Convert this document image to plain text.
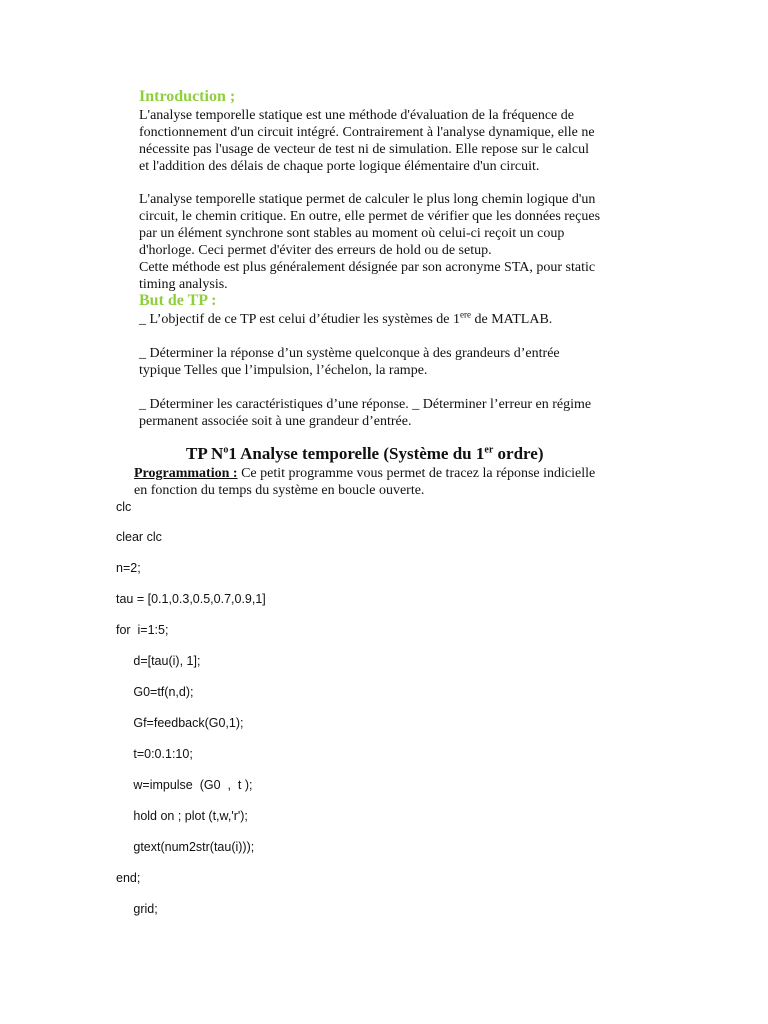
Introduction ;
L'analyse temporelle statique est une méthode d'évaluation de la fréquence de
fonctionnement d'un circuit intégré. Contrairement à l'analyse dynamique, elle ne
nécessite pas l'usage de vecteur de test ni de simulation. Elle repose sur le calcul
et l'addition des délais de chaque porte logique élémentaire d'un circuit.
L'analyse temporelle statique permet de calculer le plus long chemin logique d'un
circuit, le chemin critique. En outre, elle permet de vérifier que les données reçues
par un élément synchrone sont stables au moment où celui-ci reçoit un coup
d'horloge. Ceci permet d'éviter des erreurs de hold ou de setup.
Cette méthode est plus généralement désignée par son acronyme STA, pour static
timing analysis.
But de TP :
_ L’objectif de ce TP est celui d’étudier les systèmes de 1ere de MATLAB.
_ Déterminer la réponse d’un système quelconque à des grandeurs d’entrée
typique Telles que l’impulsion, l’échelon, la rampe.
_ Déterminer les caractéristiques d’une réponse. _ Déterminer l’erreur en régime
permanent associée soit à une grandeur d’entrée.
TP $N^o1$ Analyse temporelle (Système du 1er ordre)
Programmation : Ce petit programme vous permet de tracez la réponse indicielle
en fonction du temps du système en boucle ouverte.
clc
clear clc
n=2;
tau = [0.1,0.3,0.5,0.7,0.9,1]
for  i=1:5;
d=[tau(i), 1];
G0=tf(n,d);
Gf=feedback(G0,1);
t=0:0.1:10;
w=impulse  (G0  ,  t );
hold on ; plot (t,w,'r');
gtext(num2str(tau(i)));
end;
grid;
